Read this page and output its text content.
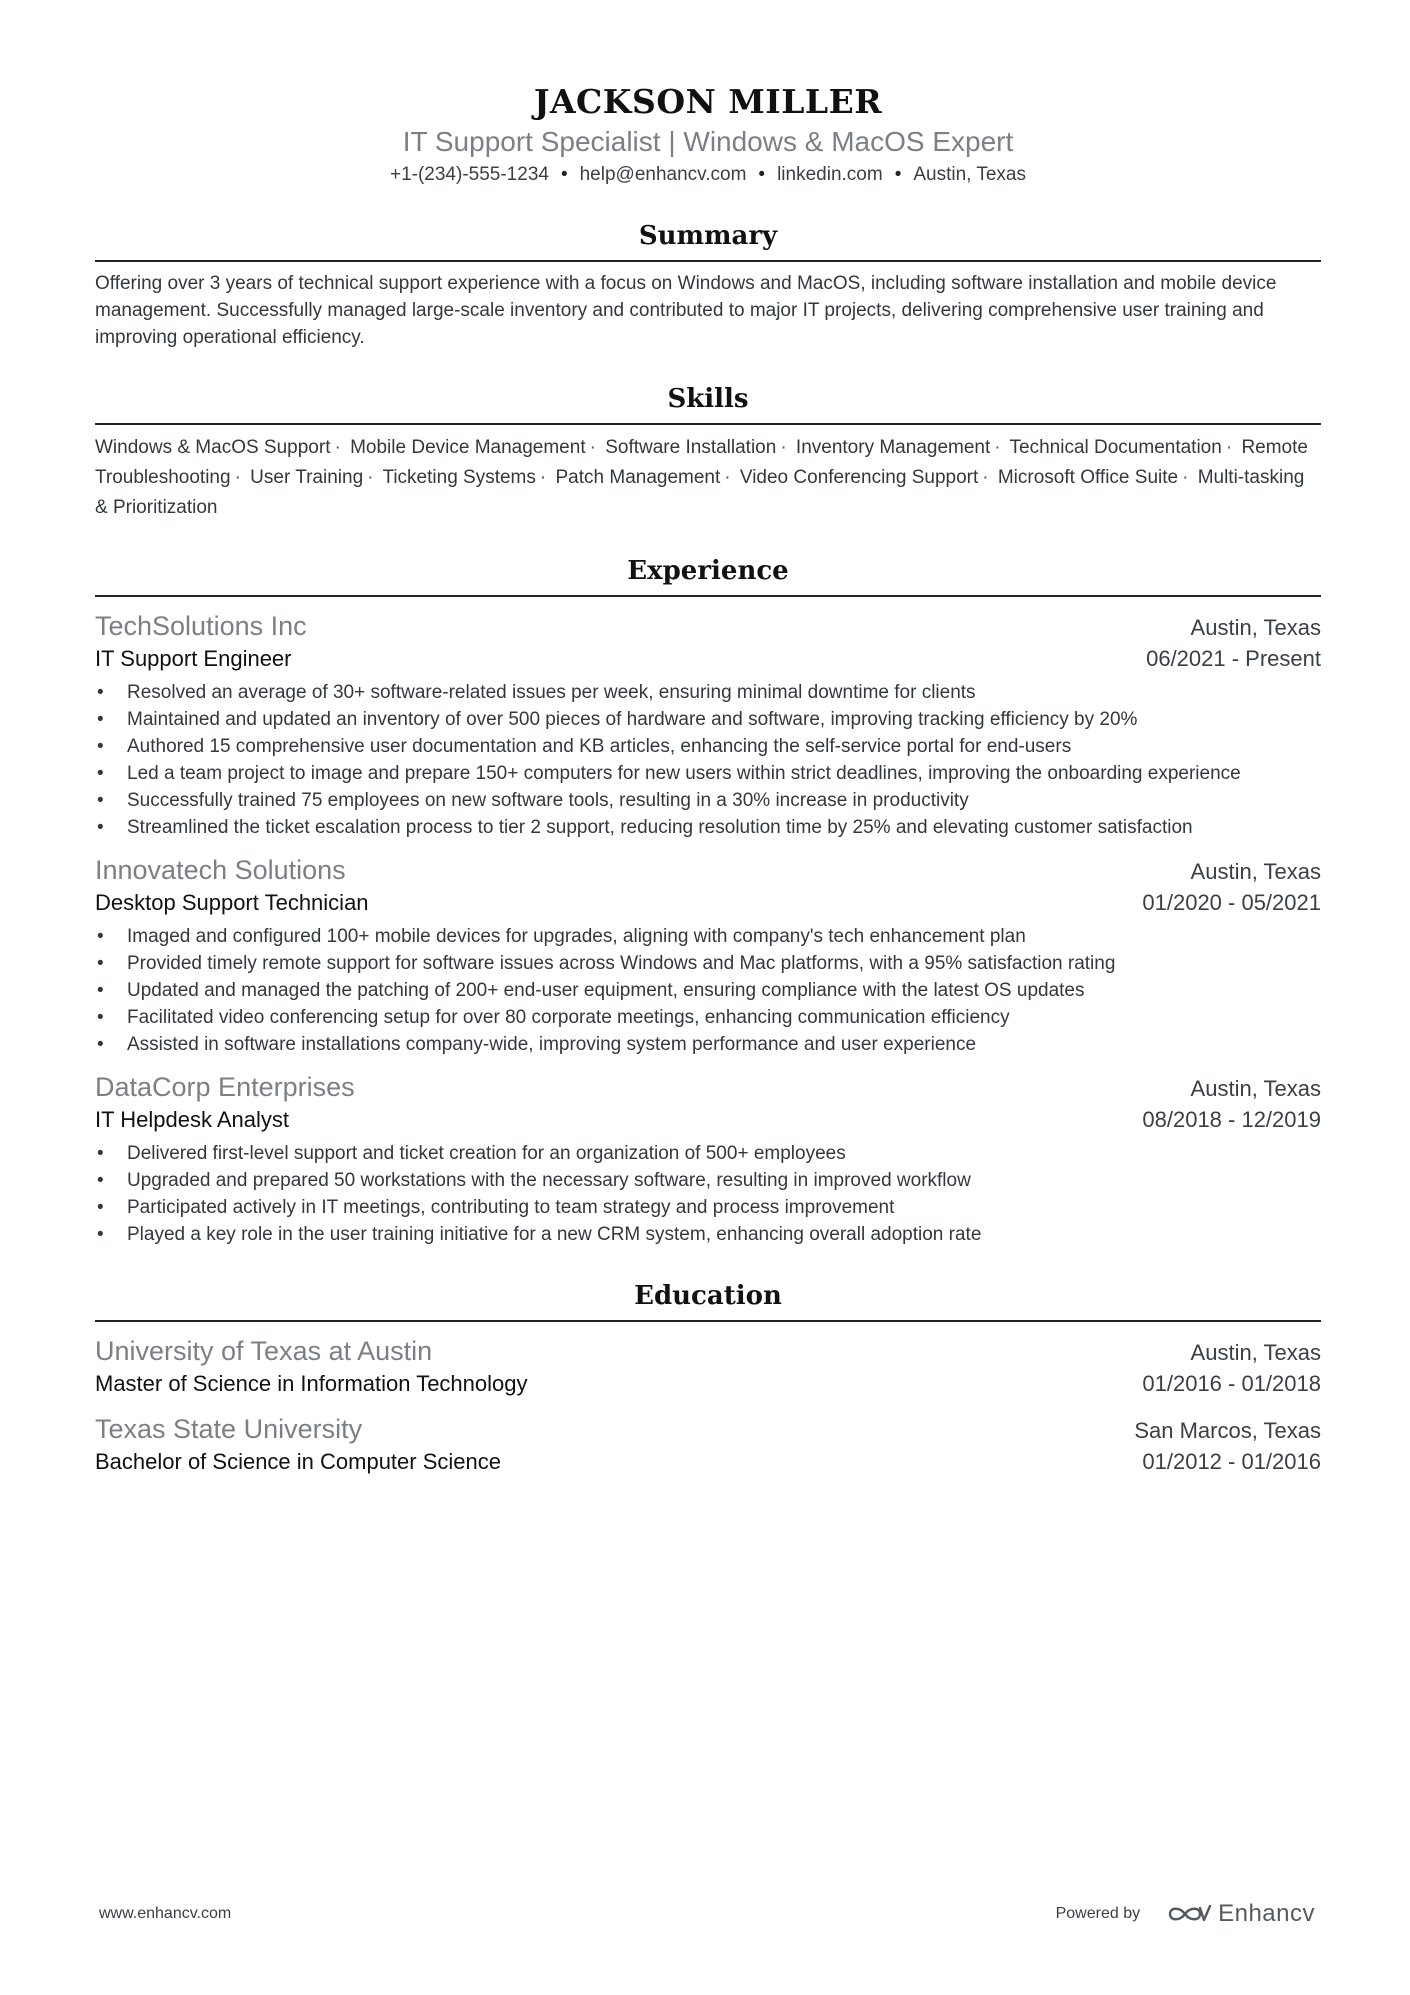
JACKSON MILLER
IT Support Specialist | Windows & MacOS Expert
+1-(234)-555-1234 • help@enhancv.com • linkedin.com • Austin, Texas
Summary
Offering over 3 years of technical support experience with a focus on Windows and MacOS, including software installation and mobile device management. Successfully managed large-scale inventory and contributed to major IT projects, delivering comprehensive user training and improving operational efficiency.
Skills
Windows & MacOS Support · Mobile Device Management · Software Installation · Inventory Management · Technical Documentation · Remote Troubleshooting · User Training · Ticketing Systems · Patch Management · Video Conferencing Support · Microsoft Office Suite · Multi-tasking & Prioritization
Experience
TechSolutions Inc	Austin, Texas
IT Support Engineer	06/2021 - Present
• Resolved an average of 30+ software-related issues per week, ensuring minimal downtime for clients
• Maintained and updated an inventory of over 500 pieces of hardware and software, improving tracking efficiency by 20%
• Authored 15 comprehensive user documentation and KB articles, enhancing the self-service portal for end-users
• Led a team project to image and prepare 150+ computers for new users within strict deadlines, improving the onboarding experience
• Successfully trained 75 employees on new software tools, resulting in a 30% increase in productivity
• Streamlined the ticket escalation process to tier 2 support, reducing resolution time by 25% and elevating customer satisfaction
Innovatech Solutions	Austin, Texas
Desktop Support Technician	01/2020 - 05/2021
• Imaged and configured 100+ mobile devices for upgrades, aligning with company's tech enhancement plan
• Provided timely remote support for software issues across Windows and Mac platforms, with a 95% satisfaction rating
• Updated and managed the patching of 200+ end-user equipment, ensuring compliance with the latest OS updates
• Facilitated video conferencing setup for over 80 corporate meetings, enhancing communication efficiency
• Assisted in software installations company-wide, improving system performance and user experience
DataCorp Enterprises	Austin, Texas
IT Helpdesk Analyst	08/2018 - 12/2019
• Delivered first-level support and ticket creation for an organization of 500+ employees
• Upgraded and prepared 50 workstations with the necessary software, resulting in improved workflow
• Participated actively in IT meetings, contributing to team strategy and process improvement
• Played a key role in the user training initiative for a new CRM system, enhancing overall adoption rate
Education
University of Texas at Austin	Austin, Texas
Master of Science in Information Technology	01/2016 - 01/2018
Texas State University	San Marcos, Texas
Bachelor of Science in Computer Science	01/2012 - 01/2016
www.enhancv.com	Powered by	Enhancv
